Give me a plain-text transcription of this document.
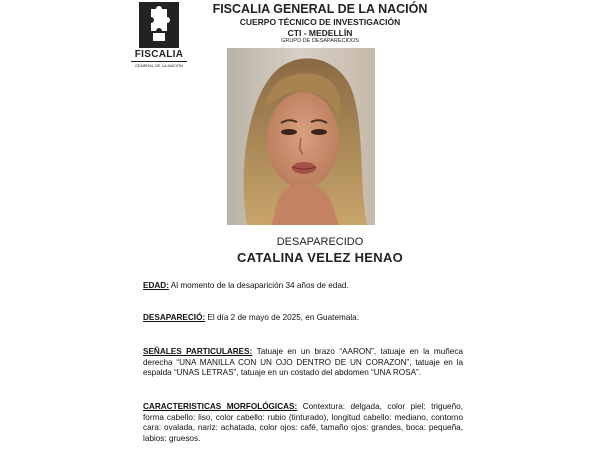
FISCALIA
GENERAL DE LA NACIÓN
FISCALIA GENERAL DE LA NACIÓN
CUERPO TÉCNICO DE INVESTIGACIÓN
CTI - MEDELLÍN
GRUPO DE DESAPARECIDOS
DESAPARECIDO
CATALINA VELEZ HENAO
EDAD: Al momento de la desaparición 34 años de edad.
DESAPARECIÓ: El día 2 de mayo de 2025, en Guatemala.
SEÑALES PARTICULARES: Tatuaje en un brazo “AARON”, tatuaje en la muñeca derecha “UNA MANILLA CON UN OJO DENTRO DE UN CORAZON”, tatuaje en la espalda “UNAS LETRAS”, tatuaje en un costado del abdomen “UNA ROSA”.
CARACTERISTICAS MORFOLÓGICAS: Contextura: delgada, color piel: trigueño, forma cabello: liso, color cabello: rubio (tinturado), longitud cabello: mediano, contorno cara: ovalada, nariz: achatada, color ojos: café, tamaño ojos: grandes, boca: pequeña, labios: gruesos.
